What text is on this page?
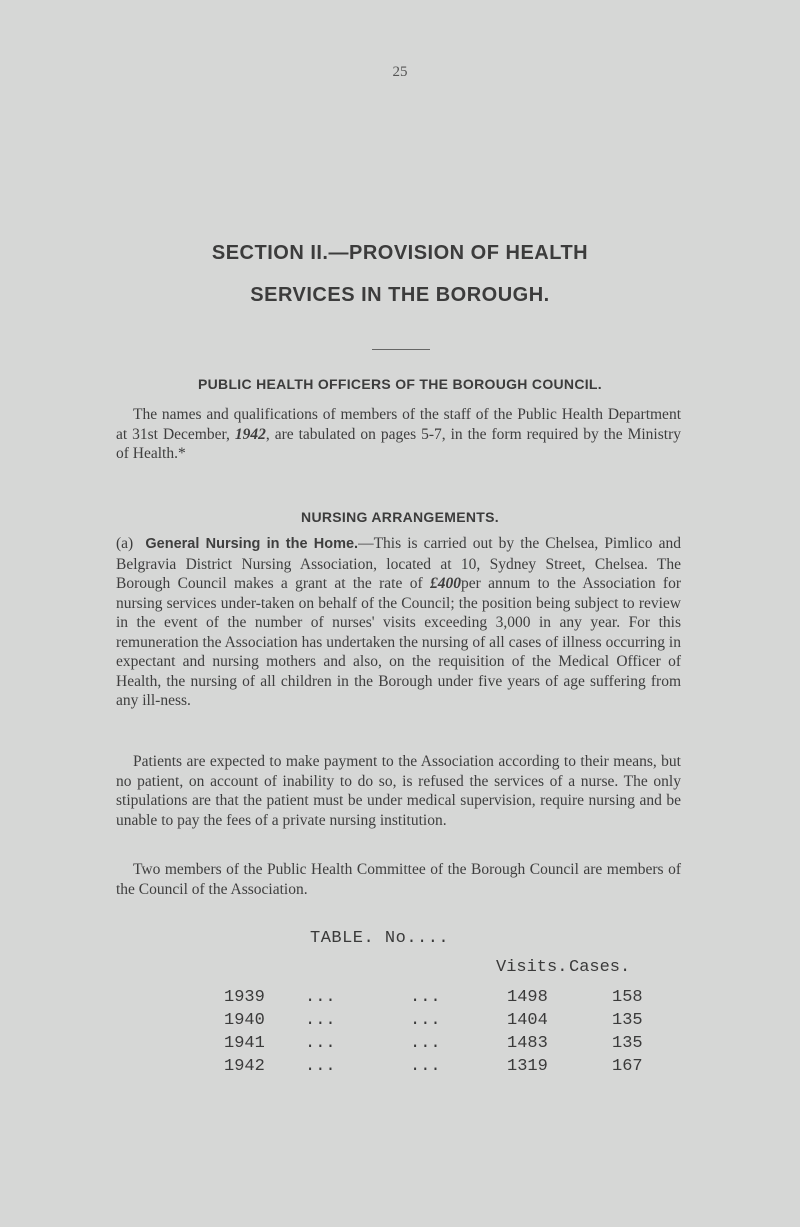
25
SECTION II.—PROVISION OF HEALTH
SERVICES IN THE BOROUGH.
PUBLIC HEALTH OFFICERS OF THE BOROUGH COUNCIL.

The names and qualifications of members of the staff of the Public Health Department at 31st December, 1942, are tabulated on pages 5-7, in the form required by the Ministry of Health.*

NURSING ARRANGEMENTS.

(a) General Nursing in the Home.—This is carried out by the Chelsea, Pimlico and Belgravia District Nursing Association, located at 10, Sydney Street, Chelsea. The Borough Council makes a grant at the rate of £400per annum to the Association for nursing services under-taken on behalf of the Council; the position being subject to review in the event of the number of nurses' visits exceeding 3,000 in any year. For this remuneration the Association has undertaken the nursing of all cases of illness occurring in expectant and nursing mothers and also, on the requisition of the Medical Officer of Health, the nursing of all children in the Borough under five years of age suffering from any ill-ness.

Patients are expected to make payment to the Association according to their means, but no patient, on account of inability to do so, is refused the services of a nurse. The only stipulations are that the patient must be under medical supervision, require nursing and be unable to pay the fees of a private nursing institution.

Two members of the Public Health Committee of the Borough Council are members of the Council of the Association.

TABLE. No....
Visits. Cases.
1939 ...	...	1498	158
1940 ...	...	1404	135
1941 ...	...	1483	135
1942 ...	...	1319	167
